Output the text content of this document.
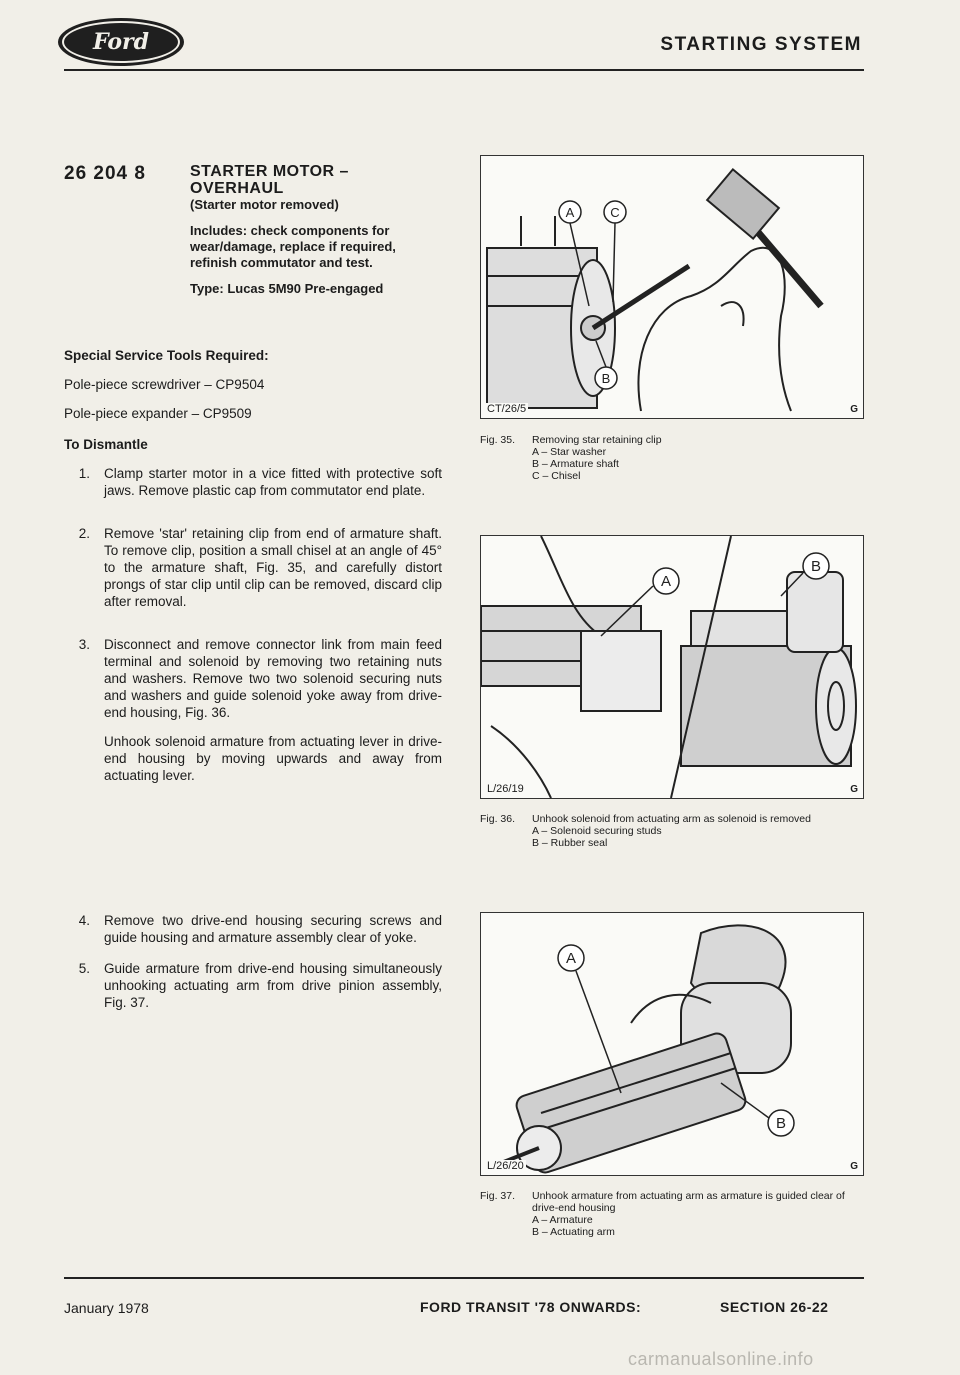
Ford	STARTING SYSTEM
26 204 8	STARTER MOTOR –

OVERHAUL

(Starter motor removed)

Includes: check components for wear/damage, replace if required, refinish commutator and test.

Type: Lucas 5M90 Pre-engaged

Special Service Tools Required:

Pole-piece screwdriver – CP9504

Pole-piece expander – CP9509

To Dismantle

1.	Clamp starter motor in a vice fitted with protective soft jaws. Remove plastic cap from commutator end plate.

2.	Remove 'star' retaining clip from end of armature shaft. To remove clip, position a small chisel at an angle of 45° to the armature shaft, Fig. 35, and carefully distort prongs of star clip until clip can be removed, discard clip after removal.

3.	Disconnect and remove connector link from main feed terminal and solenoid by removing two retaining nuts and washers. Remove two two solenoid securing nuts and washers and guide solenoid yoke away from drive-end housing, Fig. 36.

Unhook solenoid armature from actuating lever in drive-end housing by moving upwards and away from actuating lever.

4.	Remove two drive-end housing securing screws and guide housing and armature assembly clear of yoke.

5.	Guide armature from drive-end housing simultaneously unhooking actuating arm from drive pinion assembly, Fig. 37.

A	C
B
CT/26/5	G
Fig. 35.	Removing star retaining clip
A – Star washer
B – Armature shaft
C – Chisel
A
B
L/26/19	G
Fig. 36.	Unhook solenoid from actuating arm as solenoid is removed
A – Solenoid securing studs
B – Rubber seal
A
B
L/26/20	G
Fig. 37.	Unhook armature from actuating arm as armature is guided clear of drive-end housing
A – Armature
B – Actuating arm
January 1978	FORD TRANSIT '78 ONWARDS:	SECTION 26-22
carmanualsonline.info
